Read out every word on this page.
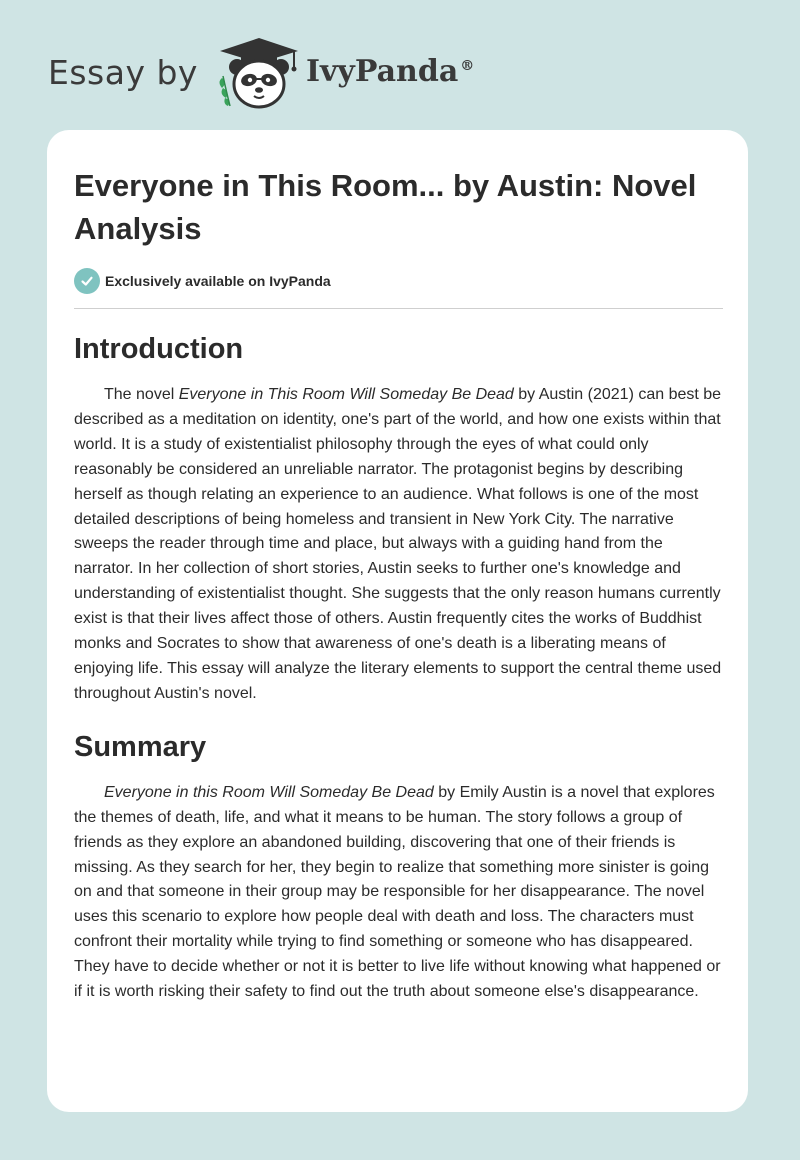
Essay by	IvyPanda ®
Everyone in This Room... by Austin: Novel Analysis
Exclusively available on IvyPanda
Introduction

The novel Everyone in This Room Will Someday Be Dead by Austin (2021) can best be described as a meditation on identity, one's part of the world, and how one exists within that world. It is a study of existentialist philosophy through the eyes of what could only reasonably be considered an unreliable narrator. The protagonist begins by describing herself as though relating an experience to an audience. What follows is one of the most detailed descriptions of being homeless and transient in New York City. The narrative sweeps the reader through time and place, but always with a guiding hand from the narrator. In her collection of short stories, Austin seeks to further one's knowledge and understanding of existentialist thought. She suggests that the only reason humans currently exist is that their lives affect those of others. Austin frequently cites the works of Buddhist monks and Socrates to show that awareness of one's death is a liberating means of enjoying life. This essay will analyze the literary elements to support the central theme used throughout Austin's novel.

Summary

Everyone in this Room Will Someday Be Dead by Emily Austin is a novel that explores the themes of death, life, and what it means to be human. The story follows a group of friends as they explore an abandoned building, discovering that one of their friends is missing. As they search for her, they begin to realize that something more sinister is going on and that someone in their group may be responsible for her disappearance. The novel uses this scenario to explore how people deal with death and loss. The characters must confront their mortality while trying to find something or someone who has disappeared. They have to decide whether or not it is better to live life without knowing what happened or if it is worth risking their safety to find out the truth about someone else's disappearance.
